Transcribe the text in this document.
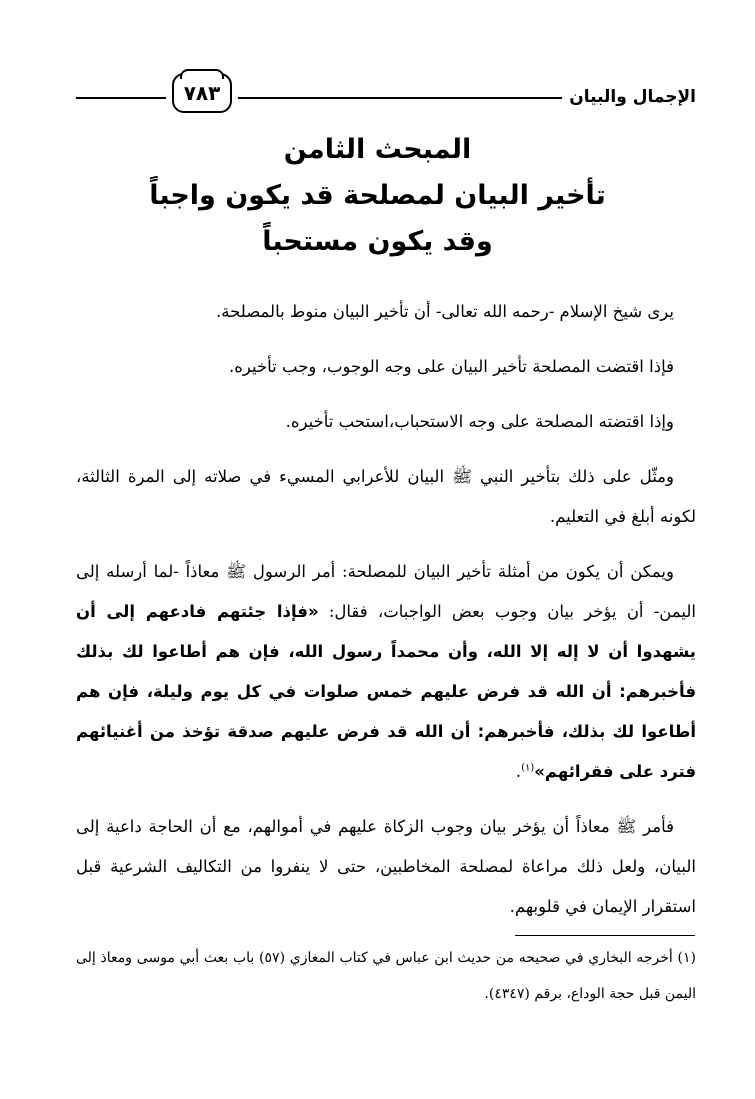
الإجمال والبيان
٧٨٣
المبحث الثامن
تأخير البيان لمصلحة قد يكون واجباً
وقد يكون مستحباً

يرى شيخ الإسلام -رحمه الله تعالى- أن تأخير البيان منوط بالمصلحة.

فإذا اقتضت المصلحة تأخير البيان على وجه الوجوب، وجب تأخيره.

وإذا اقتضته المصلحة على وجه الاستحباب،استحب تأخيره.

ومثّل على ذلك بتأخير النبي ﷺ البيان للأعرابي المسيء في صلاته إلى المرة الثالثة، لكونه أبلغ في التعليم.

ويمكن أن يكون من أمثلة تأخير البيان للمصلحة: أمر الرسول ﷺ معاذاً -لما أرسله إلى اليمن- أن يؤخر بيان وجوب بعض الواجبات، فقال: «فإذا جئتهم فادعهم إلى أن يشهدوا أن لا إله إلا الله، وأن محمداً رسول الله، فإن هم أطاعوا لك بذلك فأخبرهم: أن الله قد فرض عليهم خمس صلوات في كل يوم وليلة، فإن هم أطاعوا لك بذلك، فأخبرهم: أن الله قد فرض عليهم صدقة تؤخذ من أغنيائهم فترد على فقرائهم»$^{(١)}$.

فأمر ﷺ معاذاً أن يؤخر بيان وجوب الزكاة عليهم في أموالهم، مع أن الحاجة داعية إلى البيان، ولعل ذلك مراعاة لمصلحة المخاطبين، حتى لا ينفروا من التكاليف الشرعية قبل استقرار الإيمان في قلوبهم.

(١) أخرجه البخاري في صحيحه من حديث ابن عباس في كتاب المغازي (٥٧) باب بعث أبي موسى ومعاذ إلى اليمن قبل حجة الوداع، برقم (٤٣٤٧).
